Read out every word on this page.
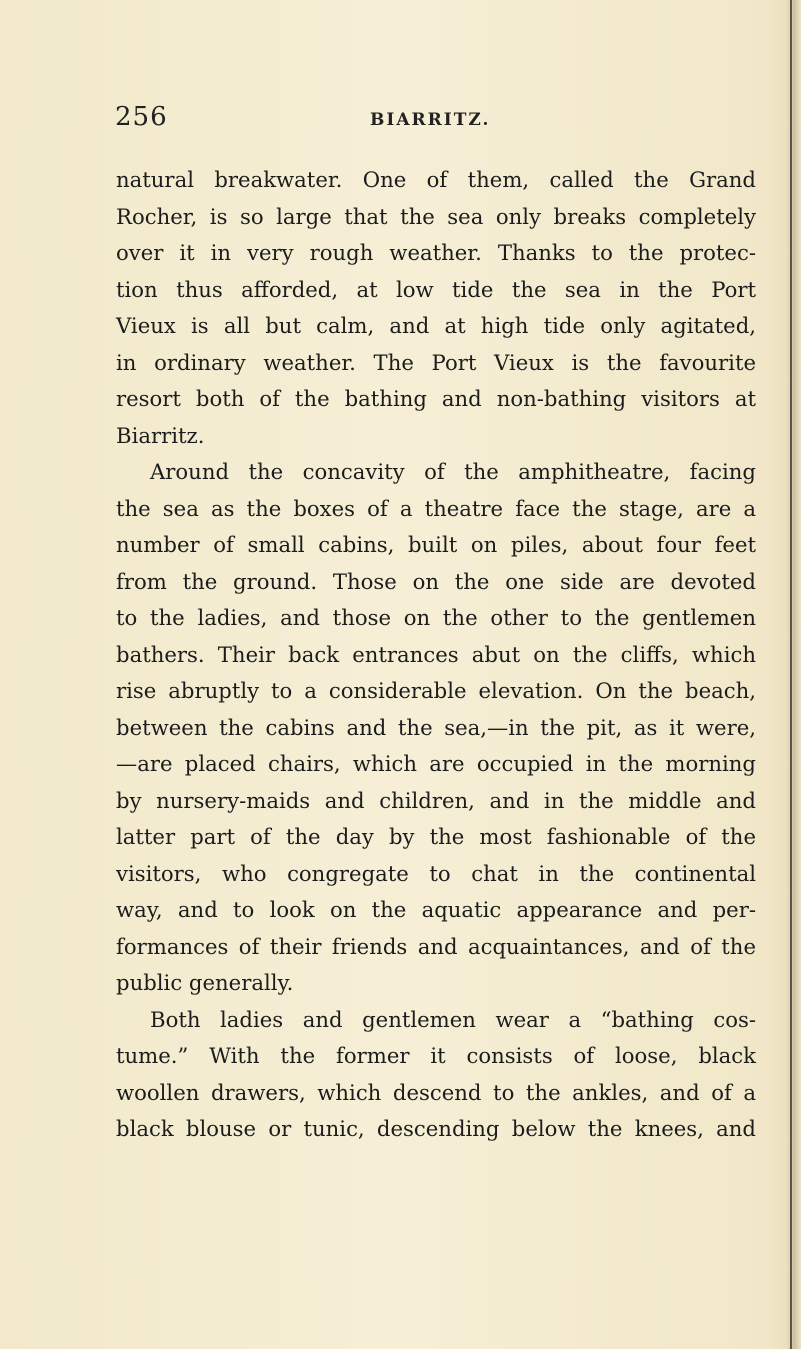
256	BIARRITZ.
natural breakwater. One of them, called the Grand
Rocher, is so large that the sea only breaks completely
over it in very rough weather. Thanks to the protec-
tion thus afforded, at low tide the sea in the Port
Vieux is all but calm, and at high tide only agitated,
in ordinary weather. The Port Vieux is the favourite
resort both of the bathing and non-bathing visitors at
Biarritz.
Around the concavity of the amphitheatre, facing
the sea as the boxes of a theatre face the stage, are a
number of small cabins, built on piles, about four feet
from the ground. Those on the one side are devoted
to the ladies, and those on the other to the gentlemen
bathers. Their back entrances abut on the cliffs, which
rise abruptly to a considerable elevation. On the beach,
between the cabins and the sea,—in the pit, as it were,
—are placed chairs, which are occupied in the morning
by nursery-maids and children, and in the middle and
latter part of the day by the most fashionable of the
visitors, who congregate to chat in the continental
way, and to look on the aquatic appearance and per-
formances of their friends and acquaintances, and of the
public generally.
Both ladies and gentlemen wear a “bathing cos-
tume.” With the former it consists of loose, black
woollen drawers, which descend to the ankles, and of a
black blouse or tunic, descending below the knees, and
